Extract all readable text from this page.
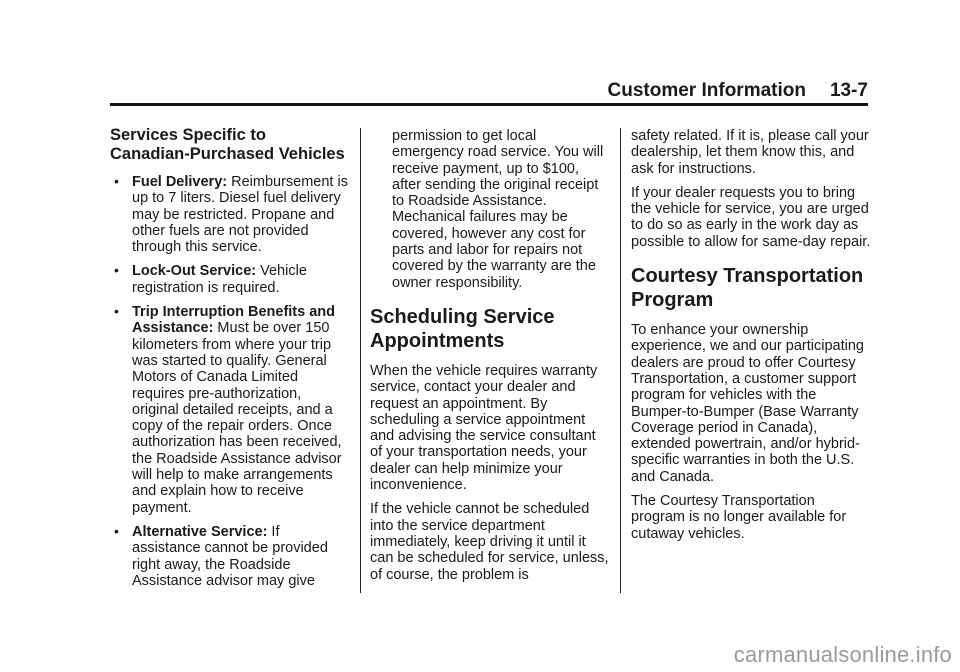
Customer Information 13-7
Services Specific to
Canadian-Purchased Vehicles
• Fuel Delivery: Reimbursement is up to 7 liters. Diesel fuel delivery may be restricted. Propane and other fuels are not provided through this service.
• Lock-Out Service: Vehicle registration is required.
• Trip Interruption Benefits and Assistance: Must be over 150 kilometers from where your trip was started to qualify. General Motors of Canada Limited requires pre-authorization, original detailed receipts, and a copy of the repair orders. Once authorization has been received, the Roadside Assistance advisor will help to make arrangements and explain how to receive payment.
• Alternative Service: If assistance cannot be provided right away, the Roadside Assistance advisor may give

permission to get local emergency road service. You will receive payment, up to $100, after sending the original receipt to Roadside Assistance. Mechanical failures may be covered, however any cost for parts and labor for repairs not covered by the warranty are the owner responsibility.

Scheduling Service Appointments

When the vehicle requires warranty service, contact your dealer and request an appointment. By scheduling a service appointment and advising the service consultant of your transportation needs, your dealer can help minimize your inconvenience.

If the vehicle cannot be scheduled into the service department immediately, keep driving it until it can be scheduled for service, unless, of course, the problem is

safety related. If it is, please call your dealership, let them know this, and ask for instructions.

If your dealer requests you to bring the vehicle for service, you are urged to do so as early in the work day as possible to allow for same-day repair.

Courtesy Transportation Program

To enhance your ownership experience, we and our participating dealers are proud to offer Courtesy Transportation, a customer support program for vehicles with the Bumper-to-Bumper (Base Warranty Coverage period in Canada), extended powertrain, and/or hybrid-specific warranties in both the U.S. and Canada.

The Courtesy Transportation program is no longer available for cutaway vehicles.

carmanualsonline.info
